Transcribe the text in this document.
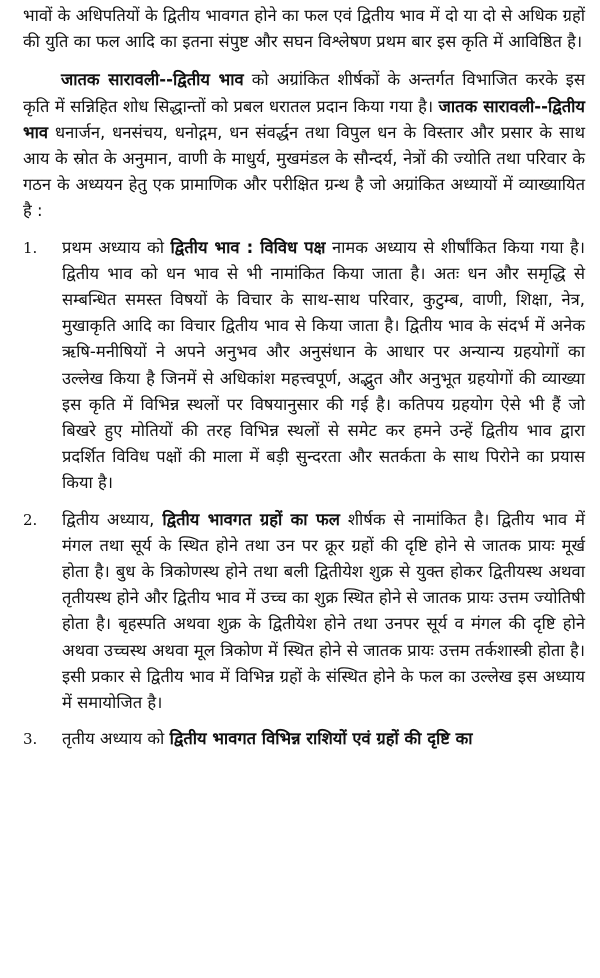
भावों के अधिपतियों के द्वितीय भावगत होने का फल एवं द्वितीय भाव में दो या दो से अधिक ग्रहों की युति का फल आदि का इतना संपुष्ट और सघन विश्लेषण प्रथम बार इस कृति में आविष्ठित है।

जातक सारावली--द्वितीय भाव को अग्रांकित शीर्षकों के अन्तर्गत विभाजित करके इस कृति में सन्निहित शोध सिद्धान्तों को प्रबल धरातल प्रदान किया गया है। जातक सारावली--द्वितीय भाव धनार्जन, धनसंचय, धनोद्गम, धन संवर्द्धन तथा विपुल धन के विस्तार और प्रसार के साथ आय के स्रोत के अनुमान, वाणी के माधुर्य, मुखमंडल के सौन्दर्य, नेत्रों की ज्योति तथा परिवार के गठन के अध्ययन हेतु एक प्रामाणिक और परीक्षित ग्रन्थ है जो अग्रांकित अध्यायों में व्याख्यायित है :

1. प्रथम अध्याय को द्वितीय भाव : विविध पक्ष नामक अध्याय से शीर्षांकित किया गया है। द्वितीय भाव को धन भाव से भी नामांकित किया जाता है। अतः धन और समृद्धि से सम्बन्धित समस्त विषयों के विचार के साथ-साथ परिवार, कुटुम्ब, वाणी, शिक्षा, नेत्र, मुखाकृति आदि का विचार द्वितीय भाव से किया जाता है। द्वितीय भाव के संदर्भ में अनेक ऋषि-मनीषियों ने अपने अनुभव और अनुसंधान के आधार पर अन्यान्य ग्रहयोगों का उल्लेख किया है जिनमें से अधिकांश महत्त्वपूर्ण, अद्भुत और अनुभूत ग्रहयोगों की व्याख्या इस कृति में विभिन्न स्थलों पर विषयानुसार की गई है। कतिपय ग्रहयोग ऐसे भी हैं जो बिखरे हुए मोतियों की तरह विभिन्न स्थलों से समेट कर हमने उन्हें द्वितीय भाव द्वारा प्रदर्शित विविध पक्षों की माला में बड़ी सुन्दरता और सतर्कता के साथ पिरोने का प्रयास किया है।
2. द्वितीय अध्याय, द्वितीय भावगत ग्रहों का फल शीर्षक से नामांकित है। द्वितीय भाव में मंगल तथा सूर्य के स्थित होने तथा उन पर क्रूर ग्रहों की दृष्टि होने से जातक प्रायः मूर्ख होता है। बुध के त्रिकोणस्थ होने तथा बली द्वितीयेश शुक्र से युक्त होकर द्वितीयस्थ अथवा तृतीयस्थ होने और द्वितीय भाव में उच्च का शुक्र स्थित होने से जातक प्रायः उत्तम ज्योतिषी होता है। बृहस्पति अथवा शुक्र के द्वितीयेश होने तथा उनपर सूर्य व मंगल की दृष्टि होने अथवा उच्चस्थ अथवा मूल त्रिकोण में स्थित होने से जातक प्रायः उत्तम तर्कशास्त्री होता है। इसी प्रकार से द्वितीय भाव में विभिन्न ग्रहों के संस्थित होने के फल का उल्लेख इस अध्याय में समायोजित है।
3. तृतीय अध्याय को द्वितीय भावगत विभिन्न राशियों एवं ग्रहों की दृष्टि का
